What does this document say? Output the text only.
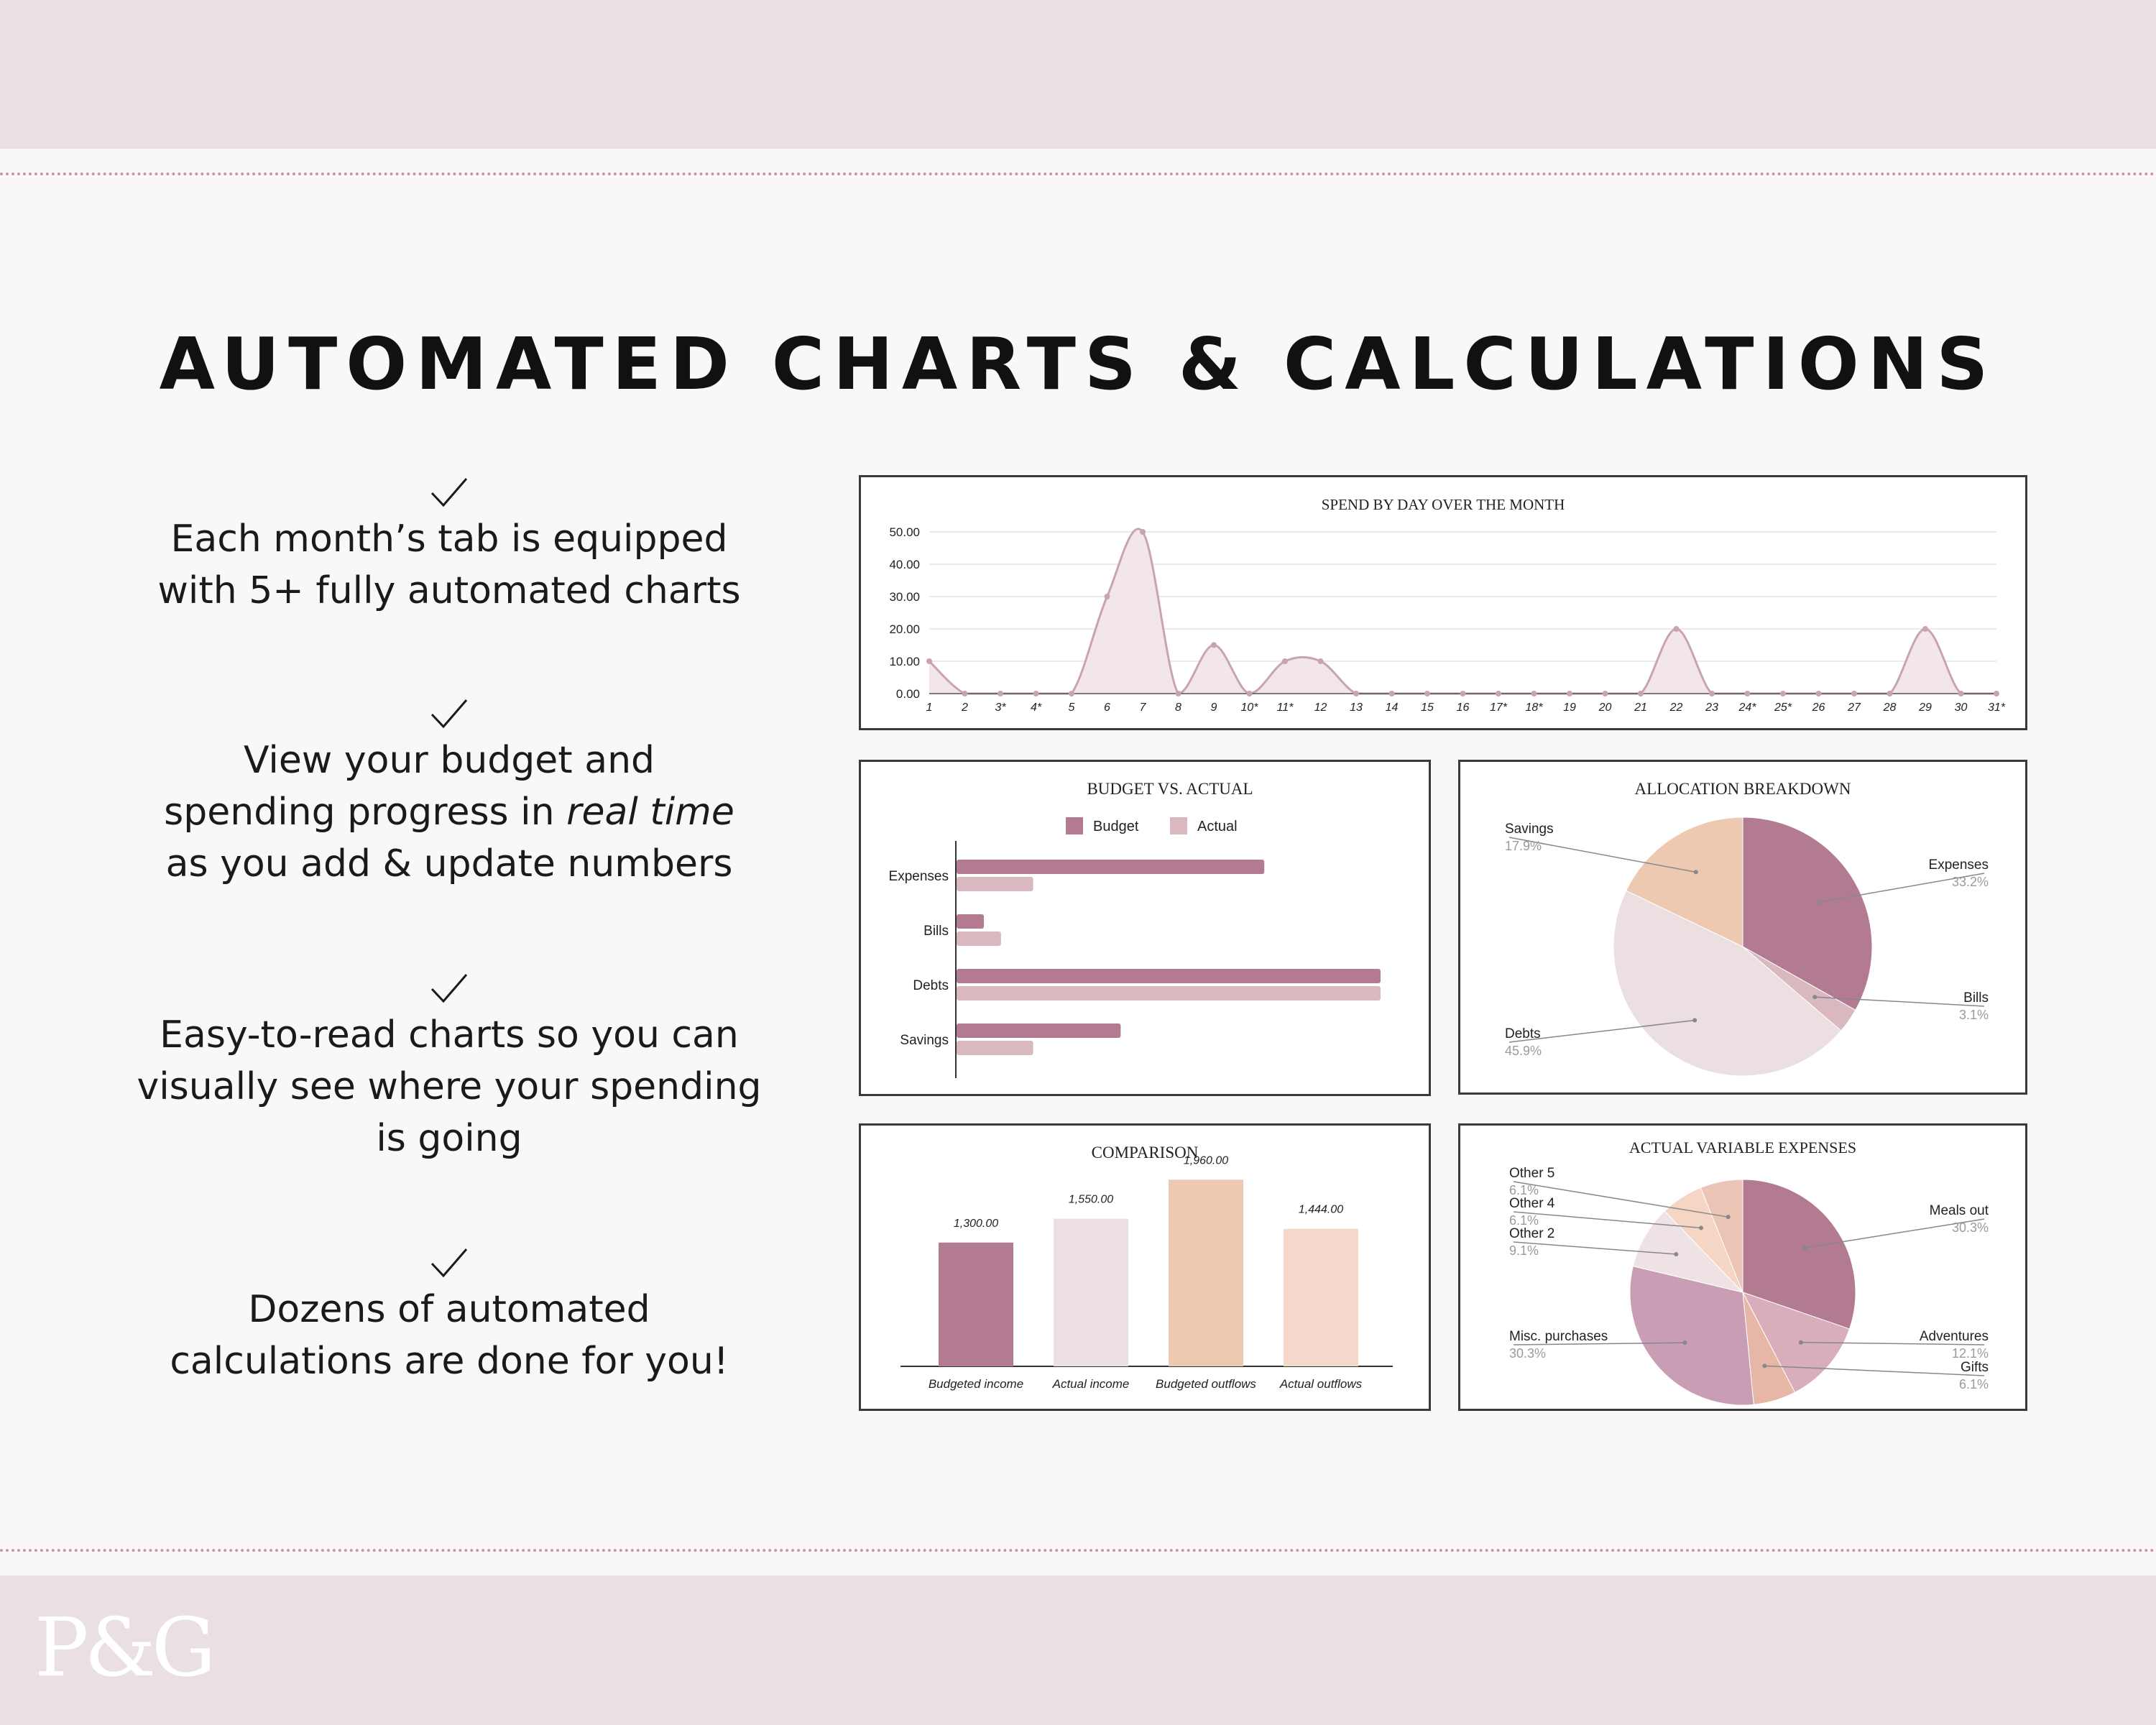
P&G
AUTOMATED CHARTS & CALCULATIONS
Each month’s tab is equipped
with 5+ fully automated charts
View your budget and
spending progress in real time
as you add & update numbers
Easy-to-read charts so you can
visually see where your spending
is going
Dozens of automated
calculations are done for you!
SPEND BY DAY OVER THE MONTH
0.00
10.00
20.00
30.00
40.00
50.00
1	2 3* 4* 5	6	7	8	9 10* 11* 12 13 14 15 16 17* 18* 19 20 21 22 23 24* 25* 26 27 28 29 30 31*
BUDGET VS. ACTUAL
Budget	Actual
Expenses
Bills
Debts
Savings
ALLOCATION BREAKDOWN
Expenses
33.2%
Bills
3.1%
Debts
45.9%
Savings
17.9%
COMPARISON
1,300.00
Budgeted income
1,550.00
Actual income
1,960.00
Budgeted outflows
1,444.00
Actual outflows
ACTUAL VARIABLE EXPENSES
Meals out
30.3%
Adventures
12.1%
Gifts
6.1%
Misc. purchases
30.3%
Other 2
9.1%
Other 4
6.1%
Other 5
6.1%
